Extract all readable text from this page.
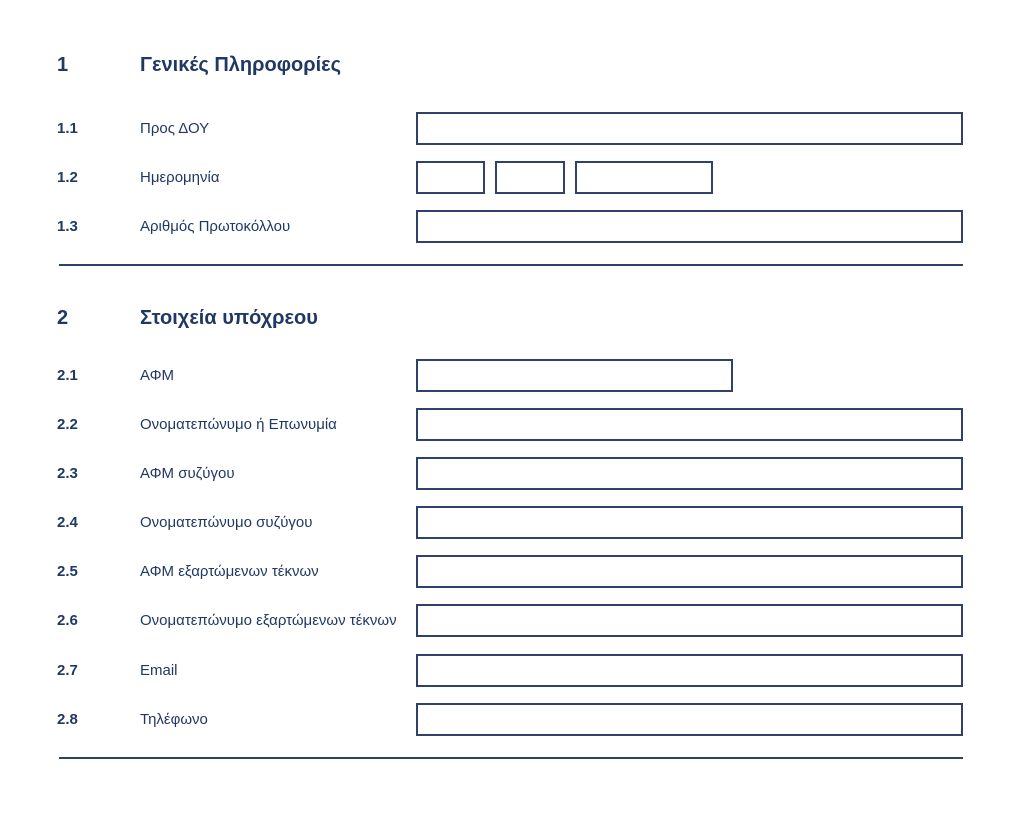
1	Γενικές Πληροφορίες
1.1	Προς ΔΟΥ
1.2	Ημερομηνία
1.3	Αριθμός Πρωτοκόλλου
2	Στοιχεία υπόχρεου
2.1	ΑΦΜ
2.2	Ονοματεπώνυμο ή Επωνυμία
2.3	ΑΦΜ συζύγου
2.4	Ονοματεπώνυμο συζύγου
2.5	ΑΦΜ εξαρτώμενων τέκνων
2.6	Ονοματεπώνυμο εξαρτώμενων τέκνων
2.7	Email
2.8	Τηλέφωνο
